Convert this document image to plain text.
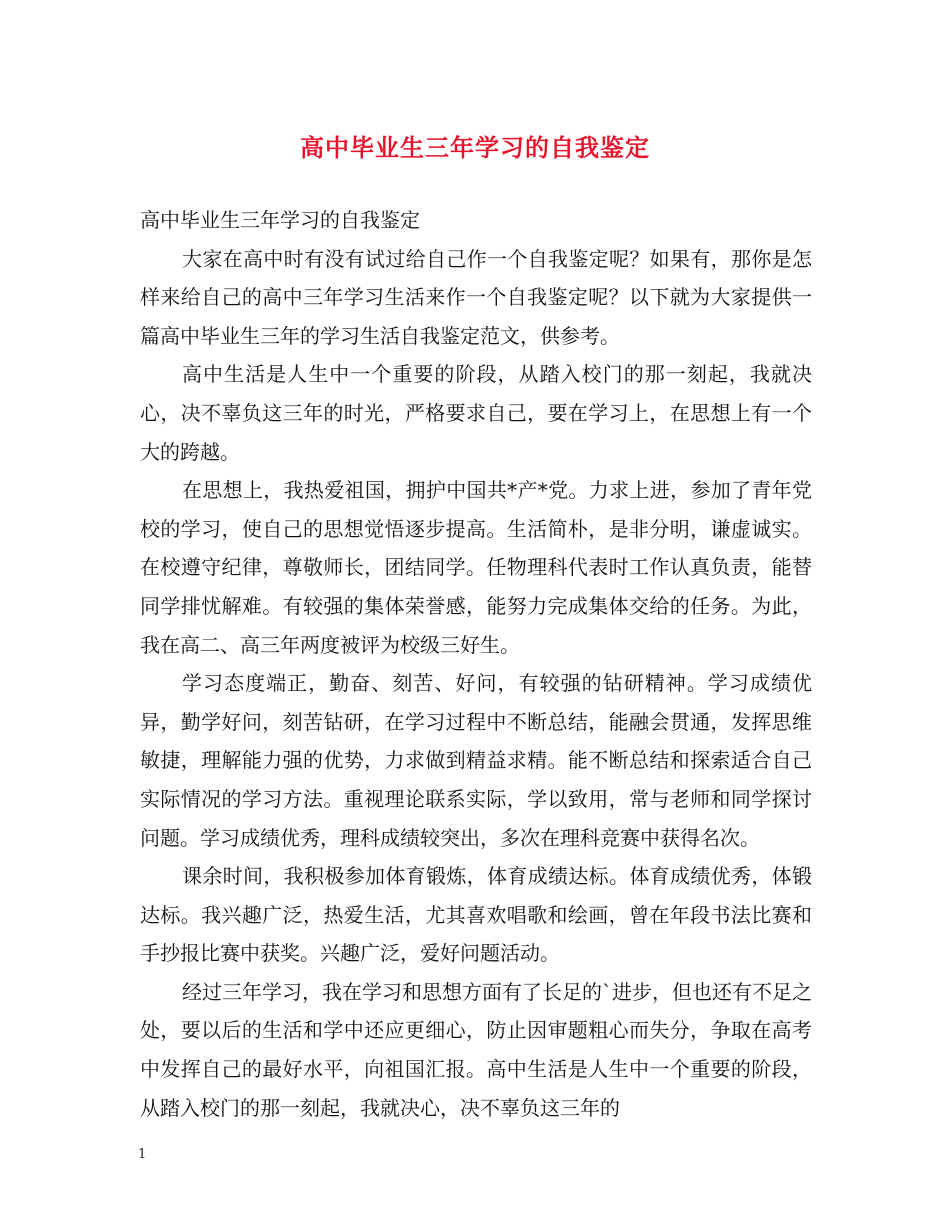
高中毕业生三年学习的自我鉴定

高中毕业生三年学习的自我鉴定

大家在高中时有没有试过给自己作一个自我鉴定呢？如果有，那你是怎样来给自己的高中三年学习生活来作一个自我鉴定呢？以下就为大家提供一篇高中毕业生三年的学习生活自我鉴定范文，供参考。

高中生活是人生中一个重要的阶段，从踏入校门的那一刻起，我就决心，决不辜负这三年的时光，严格要求自己，要在学习上，在思想上有一个大的跨越。

在思想上，我热爱祖国，拥护中国共*产*党。力求上进，参加了青年党校的学习，使自己的思想觉悟逐步提高。生活简朴，是非分明，谦虚诚实。在校遵守纪律，尊敬师长，团结同学。任物理科代表时工作认真负责，能替同学排忧解难。有较强的集体荣誉感，能努力完成集体交给的任务。为此，我在高二、高三年两度被评为校级三好生。

学习态度端正，勤奋、刻苦、好问，有较强的钻研精神。学习成绩优异，勤学好问，刻苦钻研，在学习过程中不断总结，能融会贯通，发挥思维敏捷，理解能力强的优势，力求做到精益求精。能不断总结和探索适合自己实际情况的学习方法。重视理论联系实际，学以致用，常与老师和同学探讨问题。学习成绩优秀，理科成绩较突出，多次在理科竞赛中获得名次。

课余时间，我积极参加体育锻炼，体育成绩达标。体育成绩优秀，体锻达标。我兴趣广泛，热爱生活，尤其喜欢唱歌和绘画，曾在年段书法比赛和手抄报比赛中获奖。兴趣广泛，爱好问题活动。

经过三年学习，我在学习和思想方面有了长足的`进步，但也还有不足之处，要以后的生活和学中还应更细心，防止因审题粗心而失分，争取在高考中发挥自己的最好水平，向祖国汇报。高中生活是人生中一个重要的阶段，从踏入校门的那一刻起，我就决心，决不辜负这三年的

1
